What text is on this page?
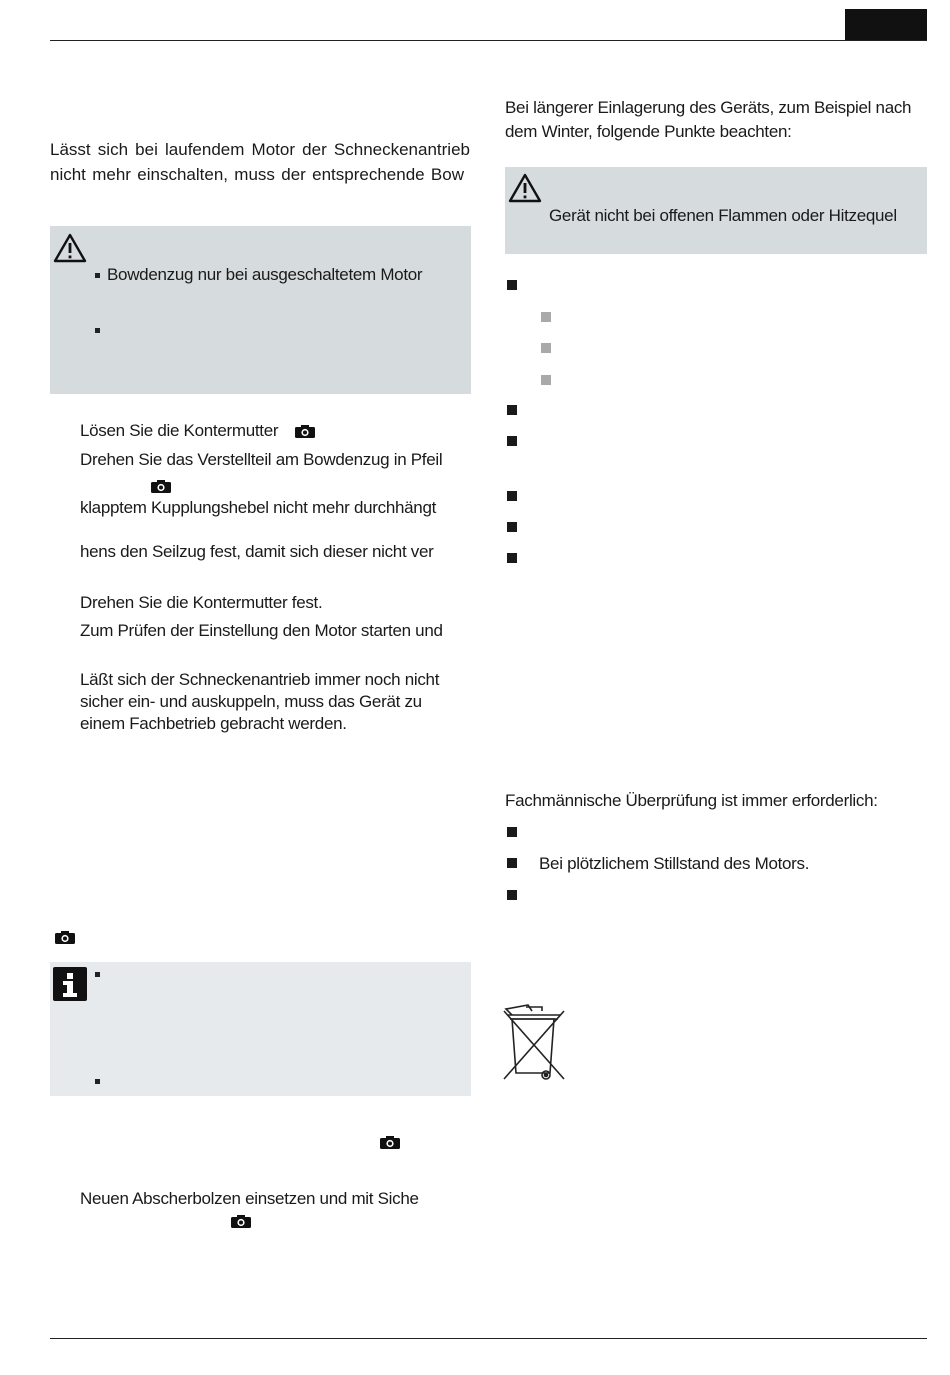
Lässt sich bei laufendem Motor der Schneckenantrieb
nicht mehr einschalten, muss der entsprechende Bow
Bowdenzug nur bei ausgeschaltetem Motor
Lösen Sie die Kontermutter
Drehen Sie das Verstellteil am Bowdenzug in Pfeil
klapptem Kupplungshebel nicht mehr durchhängt
hens den Seilzug fest, damit sich dieser nicht ver
Drehen Sie die Kontermutter fest.
Zum Prüfen der Einstellung den Motor starten und
Läßt sich der Schneckenantrieb immer noch nicht
sicher ein- und auskuppeln, muss das Gerät zu
einem Fachbetrieb gebracht werden.
Neuen Abscherbolzen einsetzen und mit Siche
Bei längerer Einlagerung des Geräts, zum Beispiel nach
dem Winter, folgende Punkte beachten:
Gerät nicht bei offenen Flammen oder Hitzequel
Fachmännische Überprüfung ist immer erforderlich:
Bei plötzlichem Stillstand des Motors.
